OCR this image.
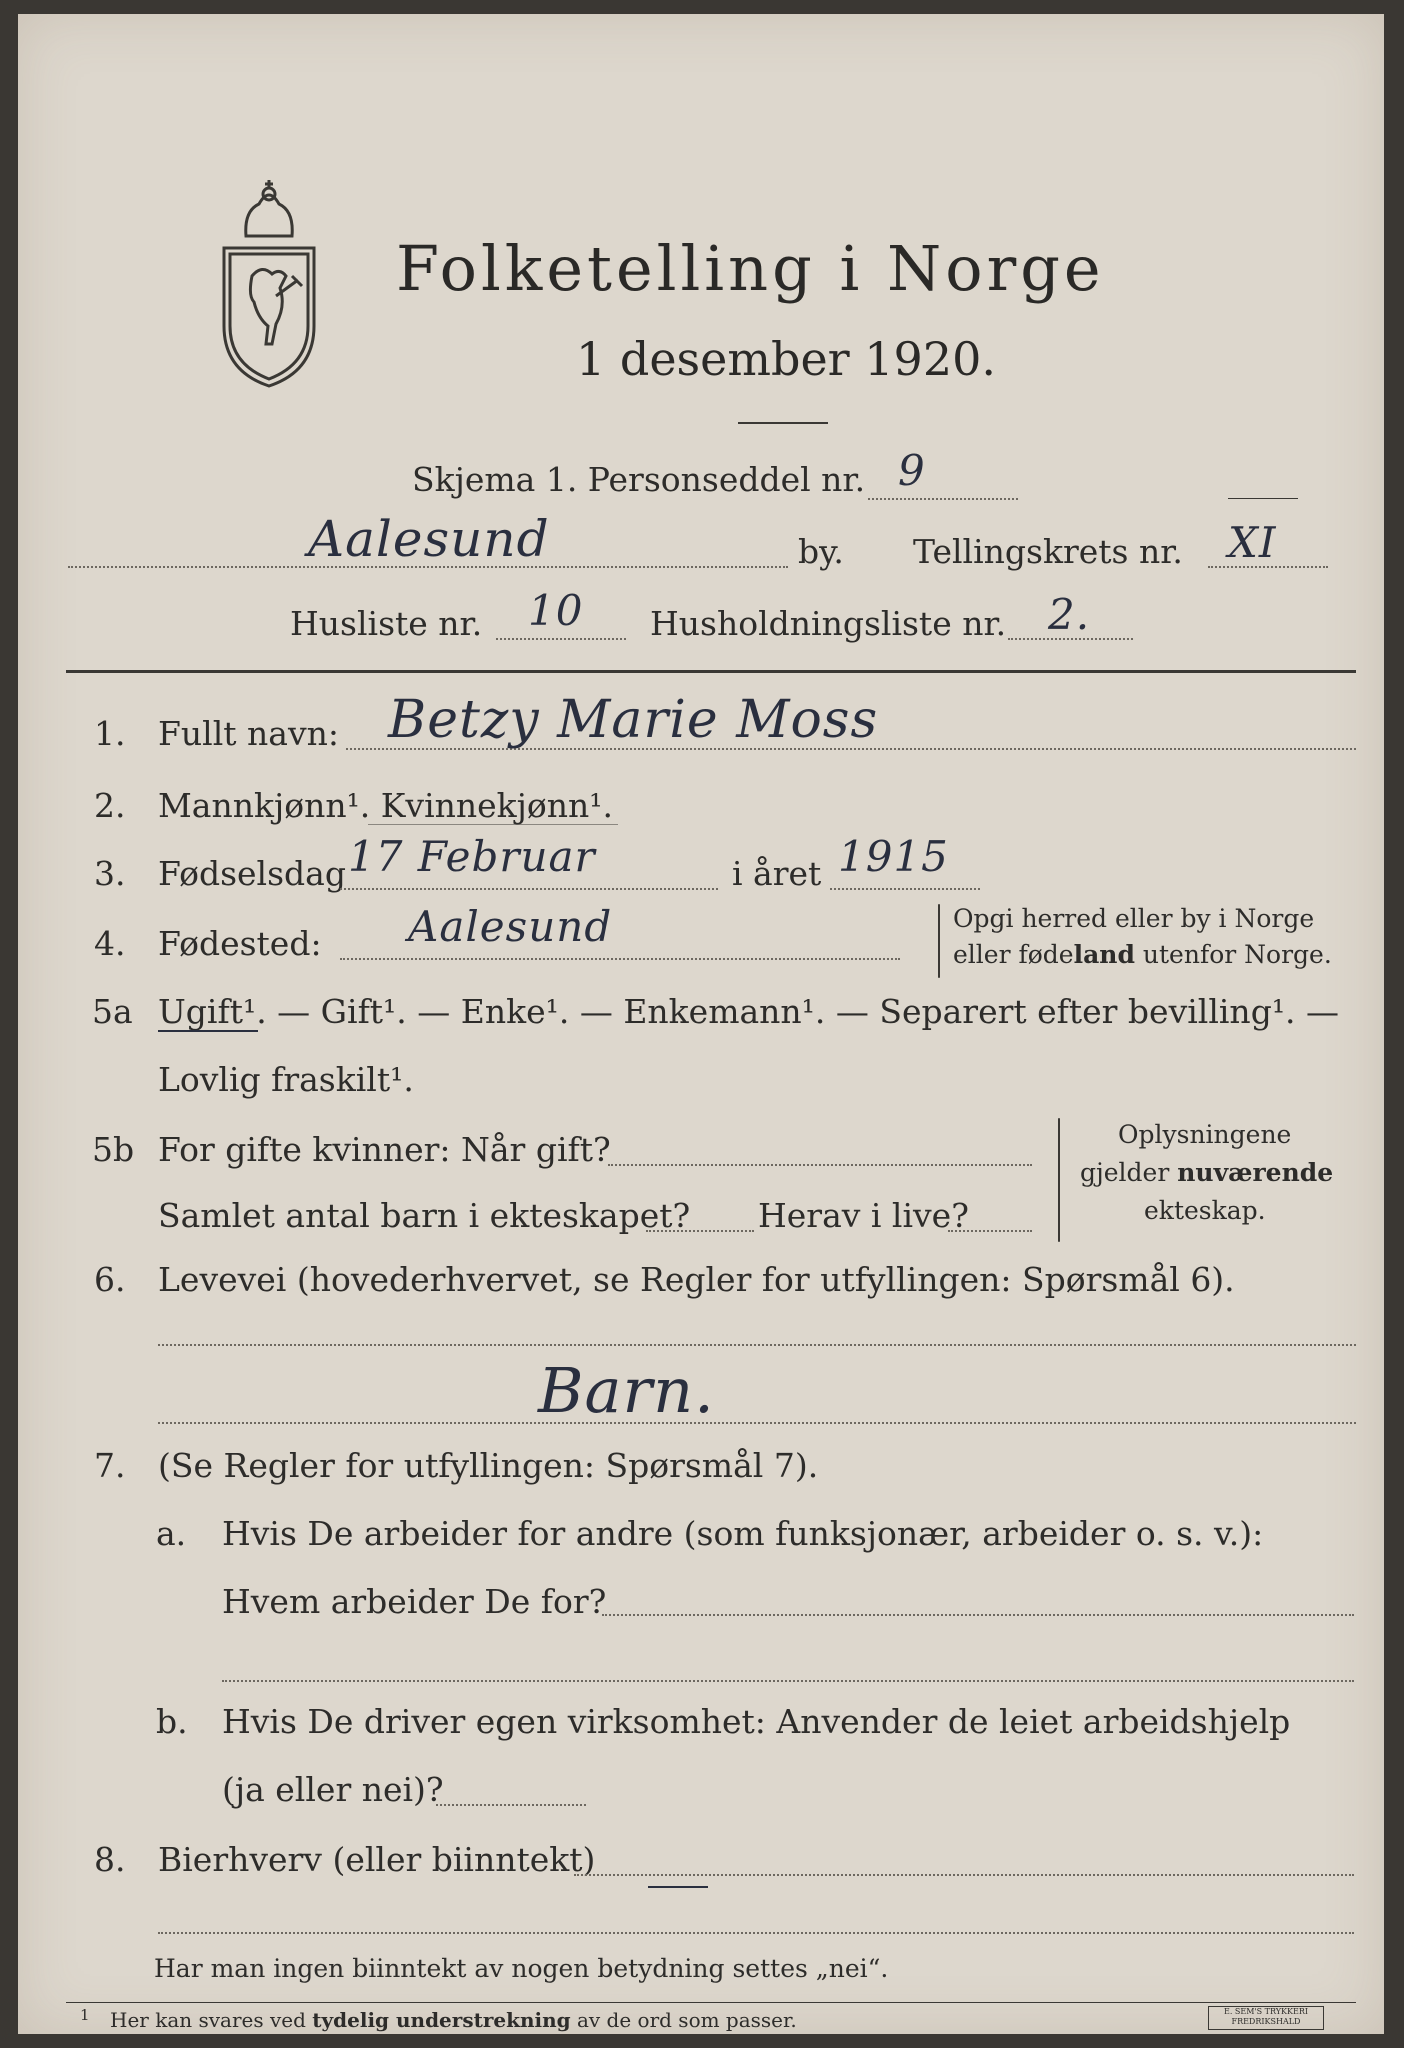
Folketelling i Norge
1 desember 1920.
Skjema 1. Personseddel nr. 9
Aalesund	by. Tellingskrets nr. XI
Husliste nr. 10 Husholdningsliste nr. 2.
1. Fullt navn: Betzy Marie Moss
2. Mannkjønn¹. Kvinnekjønn¹.
3. Fødselsdag 17 Februar	i året 1915
4. Fødested: Aalesund	Opgi herred eller by i Norge
eller fødeland utenfor Norge.
5a Ugift¹. — Gift¹. — Enke¹. — Enkemann¹. — Separert efter bevilling¹. —
Lovlig fraskilt¹.
5b For gifte kvinner: Når gift?
Samlet antal barn i ekteskapet? Herav i live?
Oplysningene
gjelder nuværende
ekteskap.
6. Levevei (hovederhvervet, se Regler for utfyllingen: Spørsmål 6).
Barn.
7. (Se Regler for utfyllingen: Spørsmål 7).
a. Hvis De arbeider for andre (som funksjonær, arbeider o. s. v.):
Hvem arbeider De for?
b. Hvis De driver egen virksomhet: Anvender de leiet arbeidshjelp
(ja eller nei)?
8. Bierhverv (eller biinntekt)
Har man ingen biinntekt av nogen betydning settes „nei“.
1 Her kan svares ved tydelig understrekning av de ord som passer.	E. SEM'S TRYKKERI
FREDRIKSHALD
